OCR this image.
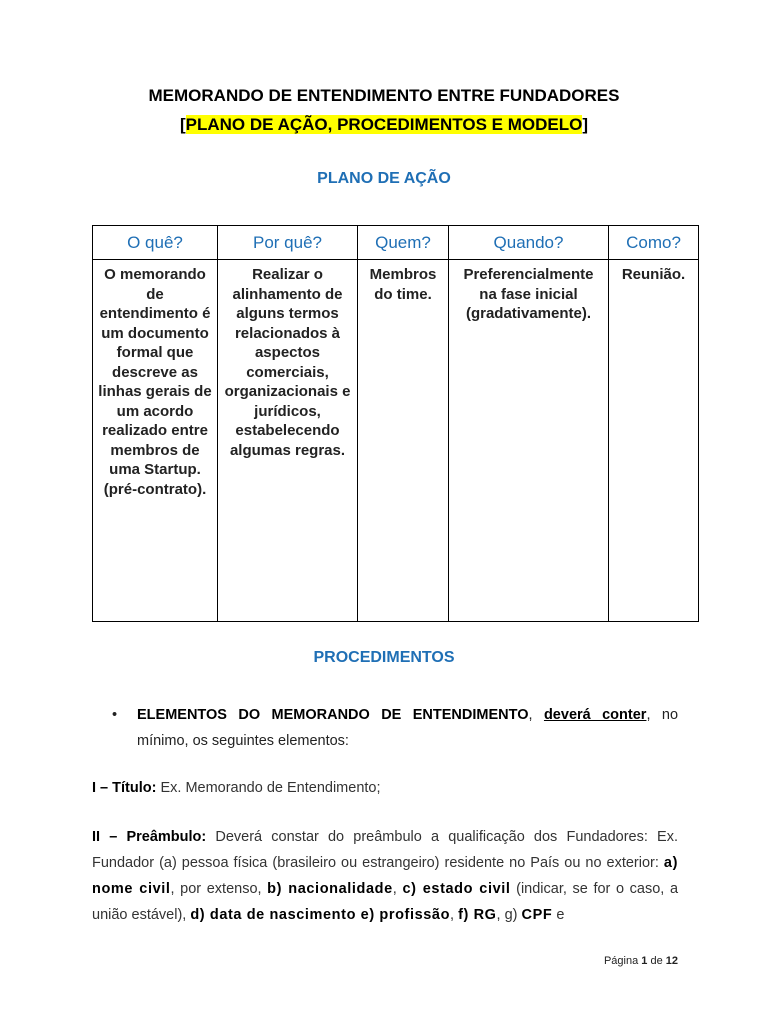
MEMORANDO DE ENTENDIMENTO ENTRE FUNDADORES
[PLANO DE AÇÃO, PROCEDIMENTOS E MODELO]
PLANO DE AÇÃO
O quê?	Por quê?	Quem?	Quando?	Como?
O memorando de entendimento é um documento formal que descreve as linhas gerais de um acordo realizado entre membros de uma Startup. (pré-contrato).	Realizar o alinhamento de alguns termos relacionados à aspectos comerciais, organizacionais e jurídicos, estabelecendo algumas regras.	Membros do time.	Preferencialmente na fase inicial (gradativamente).	Reunião.
PROCEDIMENTOS
• ELEMENTOS DO MEMORANDO DE ENTENDIMENTO, deverá conter, no mínimo, os seguintes elementos:
I – Título: Ex. Memorando de Entendimento;
II – Preâmbulo: Deverá constar do preâmbulo a qualificação dos Fundadores: Ex. Fundador (a) pessoa física (brasileiro ou estrangeiro) residente no País ou no exterior: a) nome civil, por extenso, b) nacionalidade, c) estado civil (indicar, se for o caso, a união estável), d) data de nascimento e) profissão, f) RG, g) CPF e
Página 1 de 12
